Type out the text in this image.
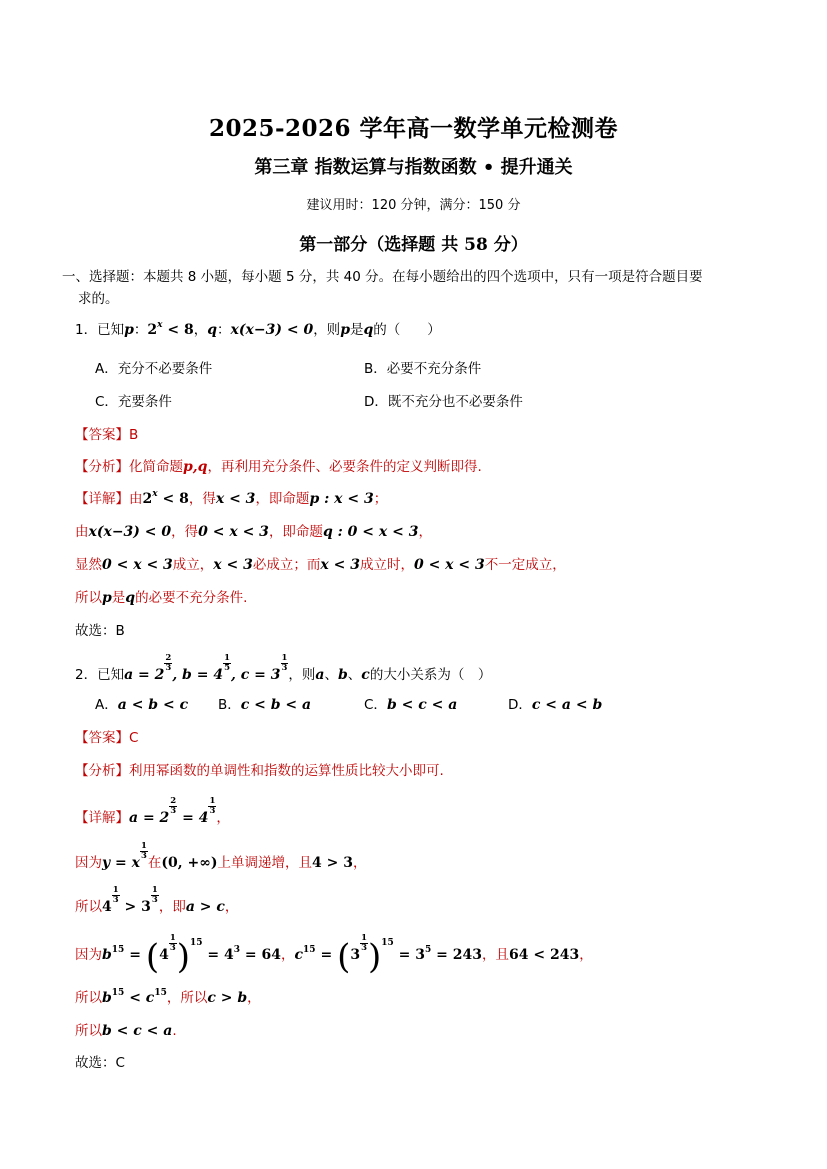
2025-2026 学年高一数学单元检测卷
第三章 指数运算与指数函数 • 提升通关
建议用时：120 分钟，满分：150 分
第一部分（选择题 共 58 分）
一、选择题：本题共 8 小题，每小题 5 分，共 40 分。在每小题给出的四个选项中，只有一项是符合题目要
求的。
1．已知p：$2^x < 8$，q：x(x−3) < 0，则p是q的（　　）
A．充分不必要条件	B．必要不充分条件
C．充要条件	D．既不充分也不必要条件
【答案】B
【分析】化简命题p,q，再利用充分条件、必要条件的定义判断即得.
【详解】由$2^x < 8$，得x < 3，即命题p : x < 3；
由x(x−3) < 0，得0 < x < 3，即命题q : 0 < x < 3，
显然0 < x < 3成立，x < 3必成立；而x < 3成立时，0 < x < 3不一定成立，
所以p是q的必要不充分条件.
故选：B
2．已知a = 2
$\frac{2}{3}$
, b = 4
$\frac{1}{5}$
, c = 3
$\frac{1}{3}$
，则a、b、c的大小关系为（　）
A．a < b < c B．c < b < a	C．b < c < a	D．c < a < b
【答案】C
【分析】利用幂函数的单调性和指数的运算性质比较大小即可.
【详解】a = 2
$\frac{2}{3}$
= 4
$\frac{1}{3}$
，
因为y = x
$\frac{1}{3}$
在(0, +∞)上单调递增，且4 > 3，
所以4
$\frac{1}{3}$
> 3
$\frac{1}{3}$
，即a > c，
因为$b^{15} = (4$
$\frac{1}{3} )^{15} = 4^3 = 64$，$c^{15} = (3$
$\frac{1}{3} )^{15} = 3^5 = 243$，且64 < 243，
所以$b^{15} < c^{15}$，所以c > b，
所以b < c < a.
故选：C
